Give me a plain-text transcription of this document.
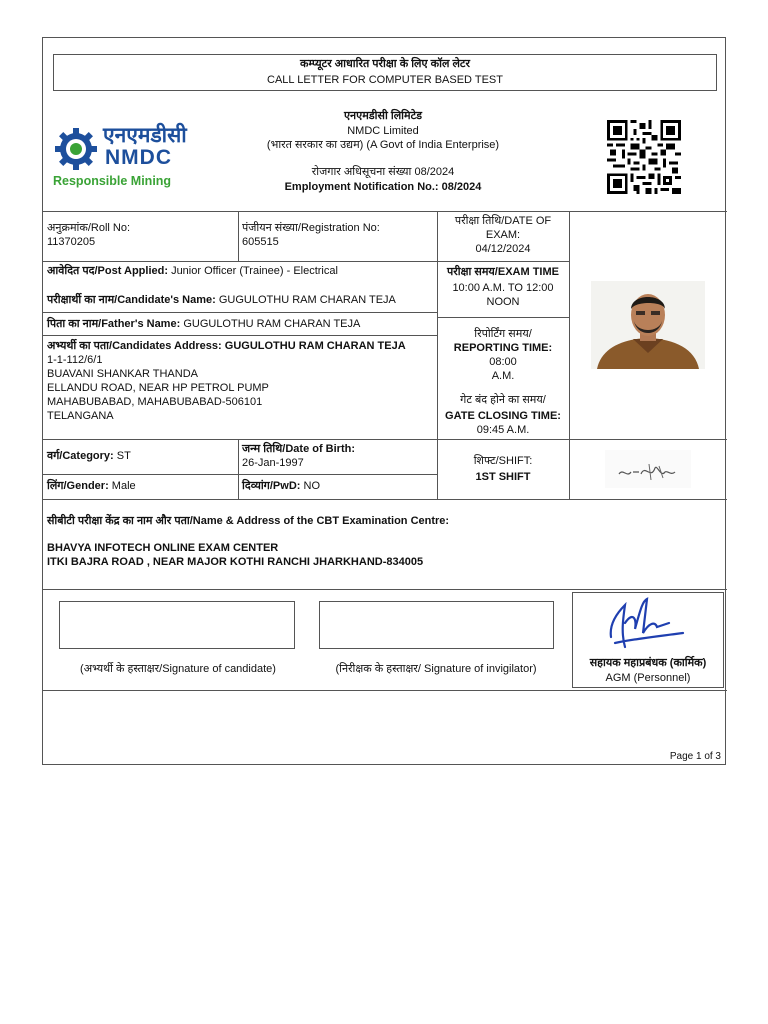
कम्प्यूटर आधारित परीक्षा के लिए कॉल लेटर
CALL LETTER FOR COMPUTER BASED TEST
एनएमडीसी
NMDC
Responsible Mining
एनएमडीसी लिमिटेड
NMDC Limited
(भारत सरकार का उद्यम) (A Govt of India Enterprise)
रोजगार अधिसूचना संख्या 08/2024
Employment Notification No.: 08/2024
अनुक्रमांक/Roll No:
11370205
पंजीयन संख्या/Registration No:
605515
परीक्षा तिथि/DATE OF
EXAM:
04/12/2024
आवेदित पद/Post Applied: Junior Officer (Trainee) - Electrical
परीक्षार्थी का नाम/Candidate's Name: GUGULOTHU RAM CHARAN TEJA
परीक्षा समय/EXAM TIME
10:00 A.M. TO 12:00
NOON
पिता का नाम/Father's Name: GUGULOTHU RAM CHARAN TEJA
अभ्यर्थी का पता/Candidates Address: GUGULOTHU RAM CHARAN TEJA
1-1-112/6/1
BUAVANI SHANKAR THANDA
ELLANDU ROAD, NEAR HP PETROL PUMP
MAHABUBABAD, MAHABUBABAD-506101
TELANGANA
रिपोर्टिंग समय/
REPORTING TIME: 08:00
A.M.
गेट बंद होने का समय/
GATE CLOSING TIME:
09:45 A.M.
वर्ग/Category: ST
जन्म तिथि/Date of Birth:
26-Jan-1997
लिंग/Gender: Male	दिव्यांग/PwD: NO
शिफ्ट/SHIFT:
1ST SHIFT
सीबीटी परीक्षा केंद्र का नाम और पता/Name & Address of the CBT Examination Centre:
BHAVYA INFOTECH ONLINE EXAM CENTER
ITKI BAJRA ROAD , NEAR MAJOR KOTHI RANCHI JHARKHAND-834005
(अभ्यर्थी के हस्ताक्षर/Signature of candidate)	(निरीक्षक के हस्ताक्षर/ Signature of invigilator)	सहायक महाप्रबंधक (कार्मिक)
AGM (Personnel)
Page 1 of 3
